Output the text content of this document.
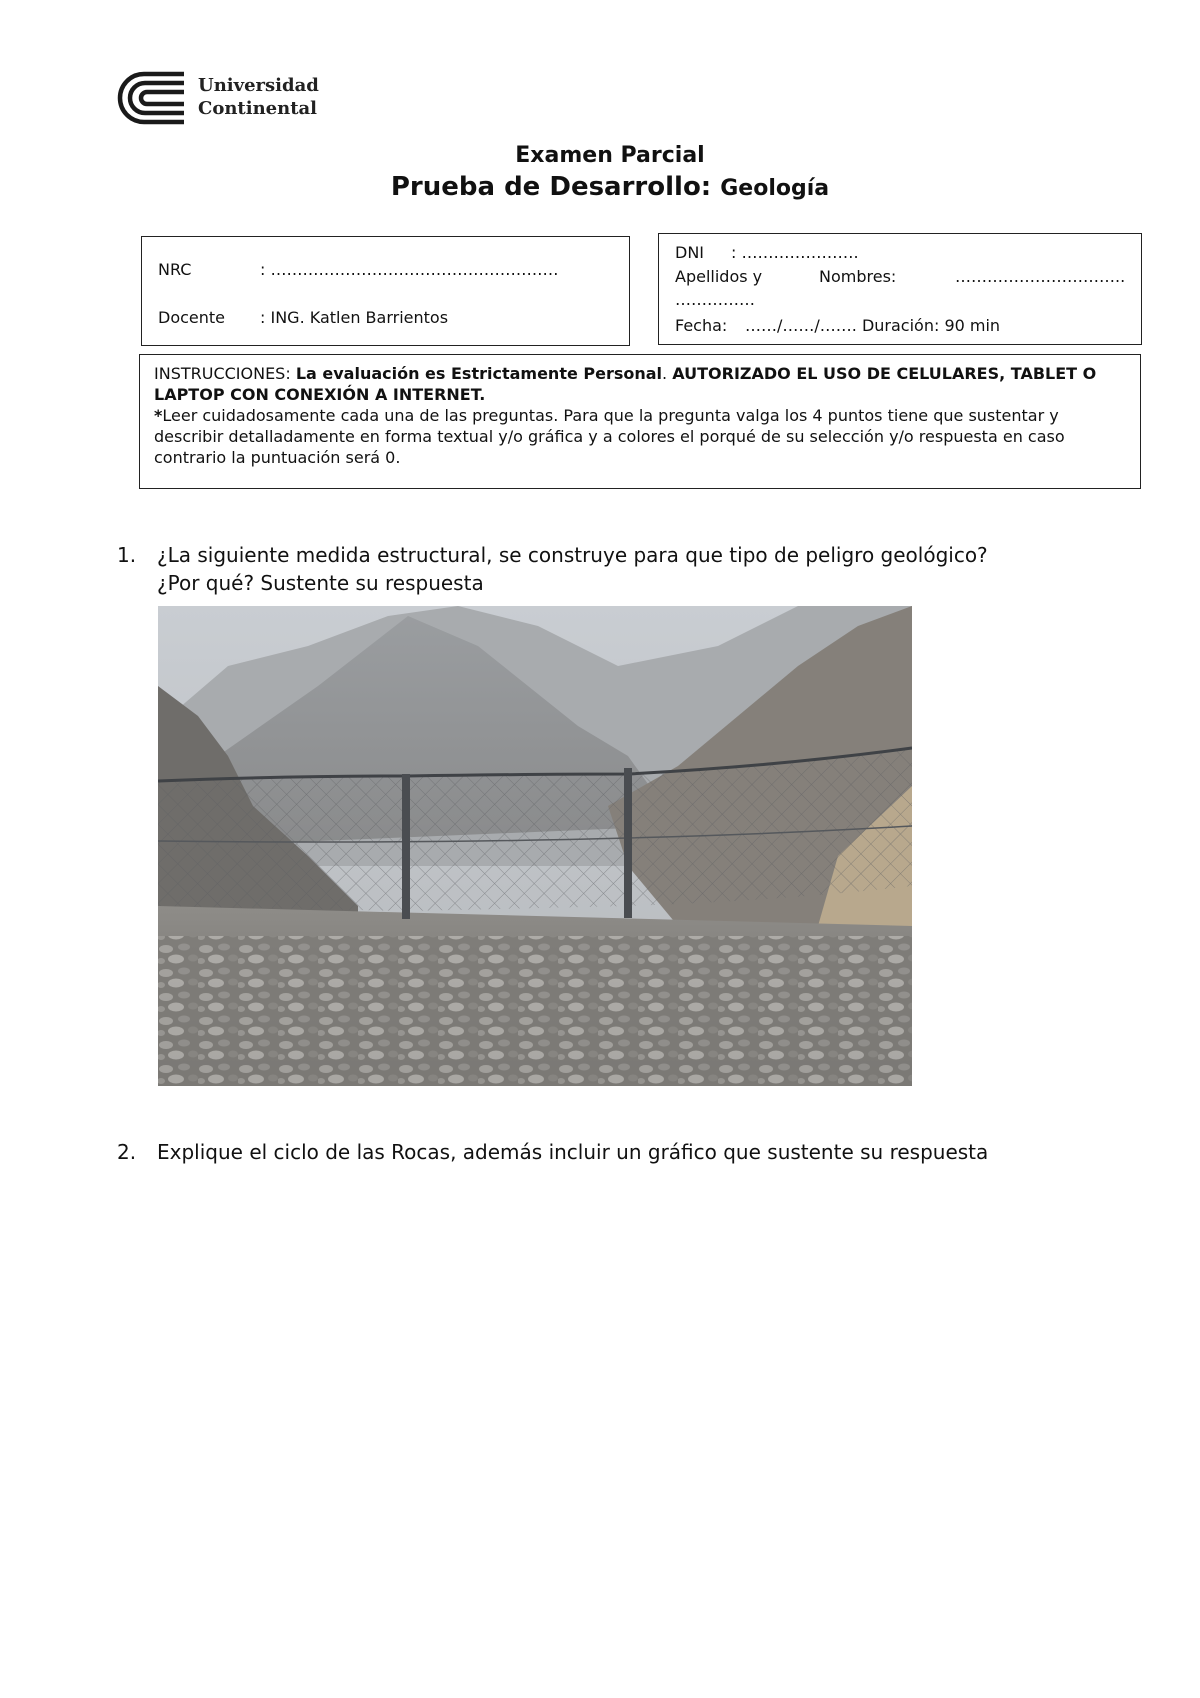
Universidad
Continental
Examen Parcial
Prueba de Desarrollo: Geología
NRC	: ………………………………………………
Docente : ING. Katlen Barrientos
DNI : ………………….
Apellidos y	Nombres:	…………………………..
……………
Fecha: ……/……/……. Duración: 90 min
INSTRUCCIONES: La evaluación es Estrictamente Personal. AUTORIZADO EL USO DE CELULARES, TABLET O LAPTOP CON CONEXIÓN A INTERNET.
*Leer cuidadosamente cada una de las preguntas. Para que la pregunta valga los 4 puntos tiene que sustentar y describir detalladamente en forma textual y/o gráfica y a colores el porqué de su selección y/o respuesta en caso contrario la puntuación será 0.
1. ¿La siguiente medida estructural, se construye para que tipo de peligro geológico?
¿Por qué? Sustente su respuesta
2. Explique el ciclo de las Rocas, además incluir un gráfico que sustente su respuesta
